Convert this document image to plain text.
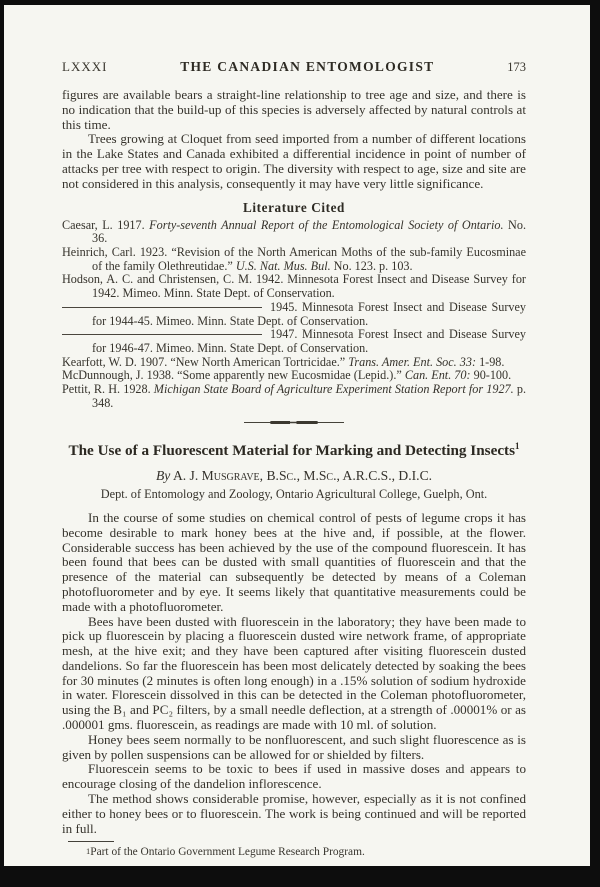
LXXXI	THE CANADIAN ENTOMOLOGIST	173

figures are available bears a straight-line relationship to tree age and size, and there is no indication that the build-up of this species is adversely affected by natural controls at this time.

Trees growing at Cloquet from seed imported from a number of different locations in the Lake States and Canada exhibited a differential incidence in point of number of attacks per tree with respect to origin. The diversity with respect to age, size and site are not considered in this analysis, consequently it may have very little significance.

Literature Cited
Caesar, L. 1917. Forty-seventh Annual Report of the Entomological Society of Ontario. No. 36.
Heinrich, Carl. 1923. “Revision of the North American Moths of the sub-family Eucosminae of the family Olethreutidae.” U.S. Nat. Mus. Bul. No. 123. p. 103.
Hodson, A. C. and Christensen, C. M. 1942. Minnesota Forest Insect and Disease Survey for 1942. Mimeo. Minn. State Dept. of Conservation.
1945. Minnesota Forest Insect and Disease Survey for 1944-45. Mimeo. Minn. State Dept. of Conservation.
1947. Minnesota Forest Insect and Disease Survey for 1946-47. Mimeo. Minn. State Dept. of Conservation.
Kearfott, W. D. 1907. “New North American Tortricidae.” Trans. Amer. Ent. Soc. 33: 1-98.
McDunnough, J. 1938. “Some apparently new Eucosmidae (Lepid.).” Can. Ent. 70: 90-100.
Pettit, R. H. 1928. Michigan State Board of Agriculture Experiment Station Report for 1927. p. 348.
The Use of a Fluorescent Material for Marking and Detecting Insects$^1$
By A. J. Musgrave, B.Sc., M.Sc., A.R.C.S., D.I.C.
Dept. of Entomology and Zoology, Ontario Agricultural College, Guelph, Ont.

In the course of some studies on chemical control of pests of legume crops it has become desirable to mark honey bees at the hive and, if possible, at the flower. Considerable success has been achieved by the use of the compound fluorescein. It has been found that bees can be dusted with small quantities of fluorescein and that the presence of the material can subsequently be detected by means of a Coleman photofluorometer and by eye. It seems likely that quantitative measurements could be made with a photofluorometer.

Bees have been dusted with fluorescein in the laboratory; they have been made to pick up fluorescein by placing a fluorescein dusted wire network frame, of appropriate mesh, at the hive exit; and they have been captured after visiting fluorescein dusted dandelions. So far the fluorescein has been most delicately detected by soaking the bees for 30 minutes (2 minutes is often long enough) in a .15% solution of sodium hydroxide in water. Florescein dissolved in this can be detected in the Coleman photofluorometer, using the B₁ and PC₂ filters, by a small needle deflection, at a strength of .00001% or as .000001 gms. fluorescein, as readings are made with 10 ml. of solution.

Honey bees seem normally to be nonfluorescent, and such slight fluorescence as is given by pollen suspensions can be allowed for or shielded by filters.

Fluorescein seems to be toxic to bees if used in massive doses and appears to encourage closing of the dandelion inflorescence.

The method shows considerable promise, however, especially as it is not confined either to honey bees or to fluorescein. The work is being continued and will be reported in full.

1Part of the Ontario Government Legume Research Program.
